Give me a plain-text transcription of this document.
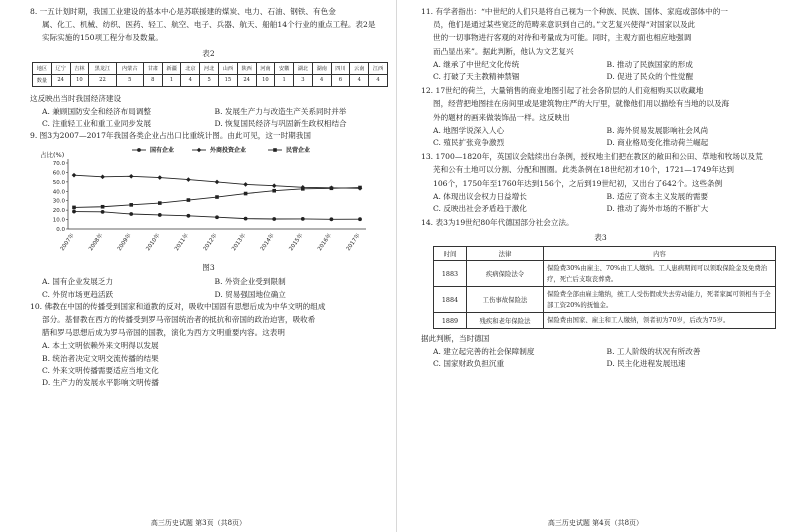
8. 一五计划时期，我国工业建设的基本中心是苏联援建的煤炭、电力、石油、钢铁、有色金
属、化工、机械、纺织、医药、轻工、航空、电子、兵器、航天、船舶14个行业的重点工程。表2是
实际实施的150项工程分布及数量。
表2
地区	辽宁	吉林	黑龙江	内蒙古	甘肃	新疆	北京	河北	山西	陕西	河南	安徽	湖北	湖南	四川	云南	江西
数量	24	10	22	5	8	1	4	5	15	24	10	1	3	4	6	4	4
这反映出当时我国经济建设
A. 兼顾国防安全和经济布局调整	B. 发展生产力与改造生产关系同时并举
C. 注重轻工业和重工业同步发展	D. 恢复国民经济与巩固新生政权相结合
9. 图3为2007—2017年我国各类企业占出口比重统计图。由此可见，这一时期我国
0.0
10.0
20.0
30.0
40.0
50.0
60.0
70.0
占比(%)
2007年 2008年 2009年 2010年 2011年 2012年 2013年 2014年 2015年 2016年 2017年
国有企业	外商投资企业	民营企业
图3
A. 国有企业发展乏力	B. 外资企业受到限制
C. 外贸市场更趋活跃	D. 贸易强国地位确立
10. 佛教在中国的传播受到国家和道教的反对，吸收中国固有思想后成为中华文明的组成
部分。基督教在西方的传播受到罗马帝国统治者的抵抗和帝国的政治迫害，吸收希
腊和罗马思想后成为罗马帝国的国教，演化为西方文明重要内容。这表明
A. 本土文明依赖外来文明得以发展
B. 统治者决定文明交流传播的结果
C. 外来文明传播需要适应当地文化
D. 生产力的发展水平影响文明传播
高三历史试题 第3页（共8页）
11. 有学者指出：“中世纪的人们只是将自己视为一个种族、民族、国体、家庭或部体中的一
员，他们是通过某些宽泛的范畴来意识到自己的。”文艺复兴使得“对国家以及此
世的一切事物进行客观的对待和考量成为可能。同时，主观方面也相应地强调
而凸显出来”。据此判断，他认为文艺复兴
A. 继承了中世纪文化传统	B. 推动了民族国家的形成
C. 打破了天主教精神禁锢	D. 促进了民众的个性觉醒
12. 17世纪的荷兰，大量销售的商业地图引起了社会各阶层的人们竞相购买以收藏地
图，经营把地图挂在房间里或是建筑物庄严的大厅里，就像他们用以描绘有当地的以及海
外的题材的画来做装饰品一样。这反映出
A. 地图学说深入人心	B. 海外贸易发展影响社会风尚
C. 殖民扩张竞争激烈	D. 商业格局变化推动荷兰崛起
13. 1700—1820年，英国议会陆续出台条例，授权地主们把在教区的敞田和公田、草地和牧场以及荒
芜和公有土地可以分割、分配和围圈。此类条例在18世纪初才10个，1721—1749年达到
106个，1750年至1760年达到156个，之后到19世纪初，又出台了642个。这些条例
A. 体现出议会权力日益增长	B. 适应了资本主义发展的需要
C. 反映出社会矛盾趋于激化	D. 推动了海外市场的不断扩大
14. 表3为19世纪80年代德国部分社会立法。
表3
时间	法律	内容
1883	疾病保险法令	保险费30%由雇主、70%由工人缴纳。工人患病期间可以领取保险金及免费治疗，死亡后支取丧葬费。
1884	工伤事故保险法	保险费全部由雇主缴纳，统工人受伤假或失去劳动能力，死者家属可领相当于全部工资20%的抚恤金。
1889	残疾和老年保险法	保险费由国家、雇主和工人缴纳，领者初为70岁，后改为75岁。
据此判断，当时德国
A. 建立起完善的社会保障制度	B. 工人阶级的状况有所改善
C. 国家财政负担沉重	D. 民主化进程发展迅速
高三历史试题 第4页（共8页）
